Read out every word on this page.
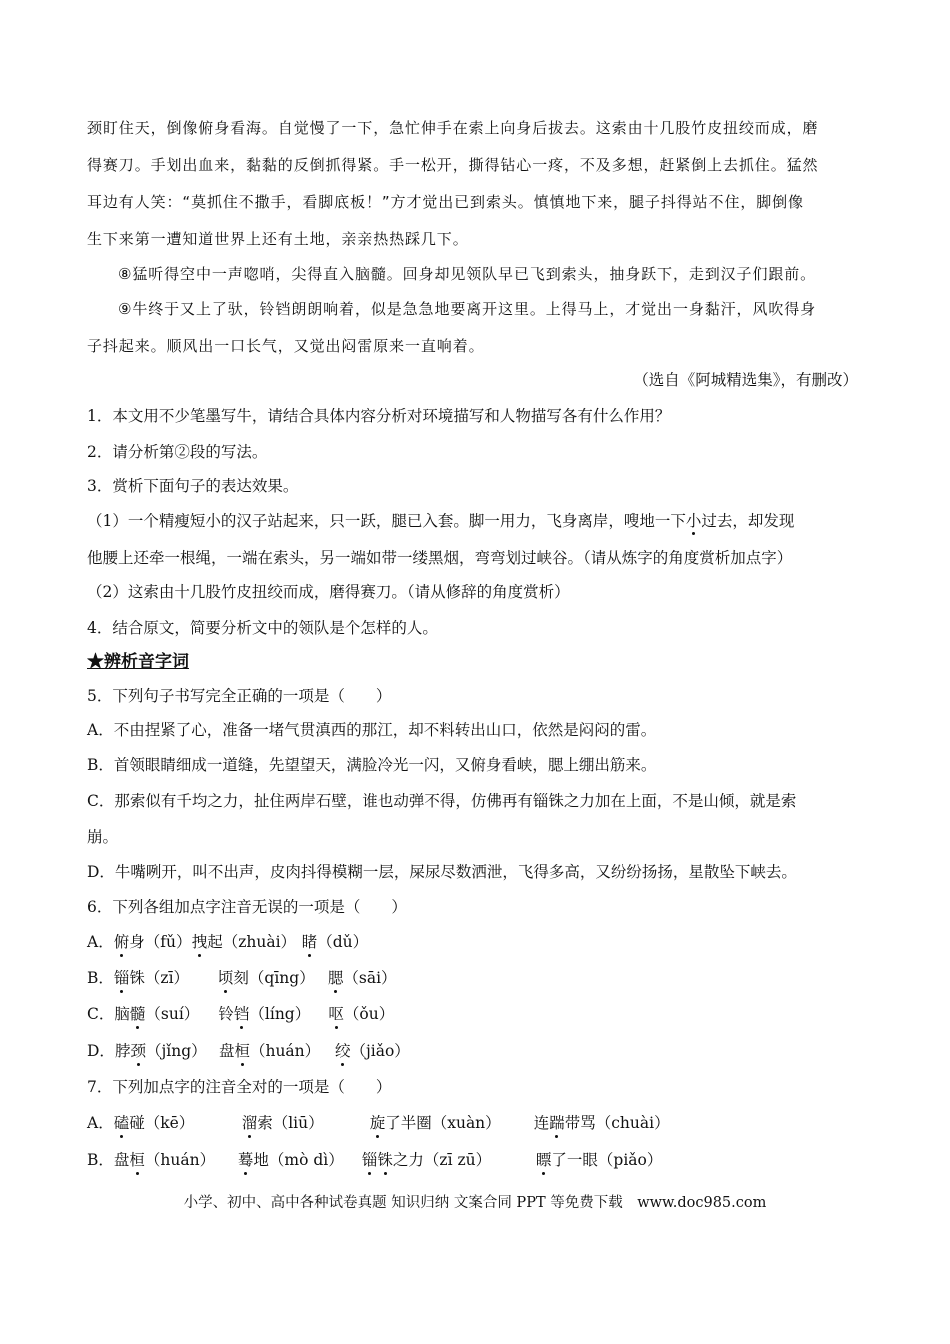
颈盯住天，倒像俯身看海。自觉慢了一下，急忙伸手在索上向身后拔去。这索由十几股竹皮扭绞而成，磨
得赛刀。手划出血来，黏黏的反倒抓得紧。手一松开，撕得钻心一疼，不及多想，赶紧倒上去抓住。猛然
耳边有人笑：“莫抓住不撒手，看脚底板！”方才觉出已到索头。慎慎地下来，腿子抖得站不住，脚倒像
生下来第一遭知道世界上还有土地，亲亲热热踩几下。
⑧猛听得空中一声唿哨，尖得直入脑髓。回身却见领队早已飞到索头，抽身跃下，走到汉子们跟前。
⑨牛终于又上了驮，铃铛朗朗响着，似是急急地要离开这里。上得马上，才觉出一身黏汗，风吹得身
子抖起来。顺风出一口长气，又觉出闷雷原来一直响着。
（选自《阿城精选集》，有删改）
1．本文用不少笔墨写牛，请结合具体内容分析对环境描写和人物描写各有什么作用？
2．请分析第②段的写法。
3．赏析下面句子的表达效果。
（1）一个精瘦短小的汉子站起来，只一跃，腿已入套。脚一用力，飞身离岸，嗖地一下小过去，却发现
他腰上还牵一根绳，一端在索头，另一端如带一缕黑烟，弯弯划过峡谷。（请从炼字的角度赏析加点字）
（2）这索由十几股竹皮扭绞而成，磨得赛刀。（请从修辞的角度赏析）
4．结合原文，简要分析文中的领队是个怎样的人。
★辨析音字词
5．下列句子书写完全正确的一项是（　　）
A．不由捏紧了心，准备一堵气贯滇西的那江，却不料转出山口，依然是闷闷的雷。
B．首领眼睛细成一道缝，先望望天，满脸冷光一闪，又俯身看峡，腮上绷出筋来。
C．那索似有千均之力，扯住两岸石壁，谁也动弹不得，仿佛再有锱铢之力加在上面，不是山倾，就是索
崩。
D．牛嘴咧开，叫不出声，皮肉抖得模糊一层，屎尿尽数洒泄，飞得多高，又纷纷扬扬，星散坠下峡去。
6．下列各组加点字注音无误的一项是（　　）
A．俯身（fǔ）拽起（zhuài） 睹（dǔ）
B．锱铢（zī） 顷刻（qīng） 腮（sāi）
C．脑髓（suí） 铃铛（líng） 呕（ǒu）
D．脖颈（jǐng） 盘桓（huán） 绞（jiǎo）
7．下列加点字的注音全对的一项是（　　）
A．磕碰（kē）	溜索（liū）	旋了半圈（xuàn） 连踹带骂（chuài）
B．盘桓（huán） 蓦地（mò dì） 锱铢之力（zī zū）	瞟了一眼（piǎo）
小学、初中、高中各种试卷真题 知识归纳 文案合同 PPT 等免费下载　www.doc985.com
